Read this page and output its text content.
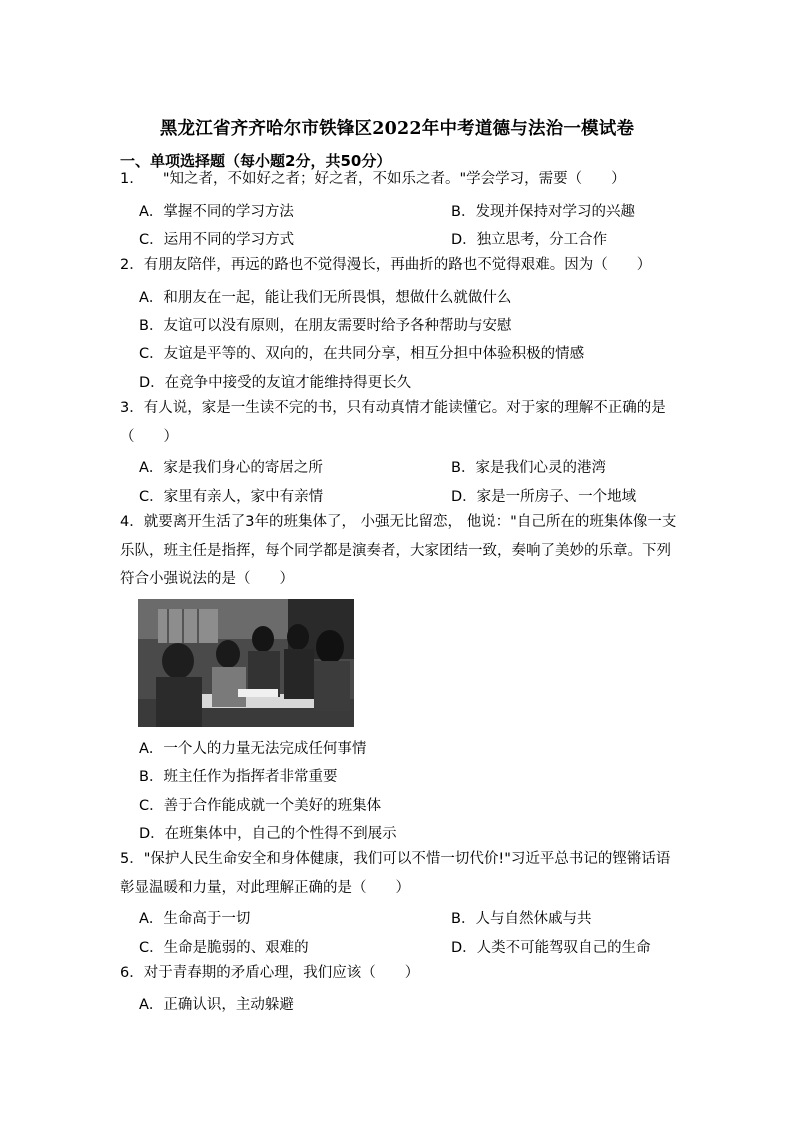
黑龙江省齐齐哈尔市铁锋区2022年中考道德与法治一模试卷
一、单项选择题（每小题2分，共50分）
1.　　"知之者，不如好之者；好之者，不如乐之者。"学会学习，需要（　　）
A．掌握不同的学习方法	B．发现并保持对学习的兴趣
C．运用不同的学习方式	D．独立思考，分工合作
2．有朋友陪伴，再远的路也不觉得漫长，再曲折的路也不觉得艰难。因为（　　）
A．和朋友在一起，能让我们无所畏惧，想做什么就做什么
B．友谊可以没有原则，在朋友需要时给予各种帮助与安慰
C．友谊是平等的、双向的，在共同分享，相互分担中体验积极的情感
D．在竞争中接受的友谊才能维持得更长久
3．有人说，家是一生读不完的书，只有动真情才能读懂它。对于家的理解不正确的是（　　）
A．家是我们身心的寄居之所	B．家是我们心灵的港湾
C．家里有亲人，家中有亲情	D．家是一所房子、一个地域
4．就要离开生活了3年的班集体了， 小强无比留恋， 他说："自己所在的班集体像一支乐队，班主任是指挥，每个同学都是演奏者，大家团结一致，奏响了美妙的乐章。下列符合小强说法的是（　　）
A．一个人的力量无法完成任何事情
B．班主任作为指挥者非常重要
C．善于合作能成就一个美好的班集体
D．在班集体中，自己的个性得不到展示
5．"保护人民生命安全和身体健康，我们可以不惜一切代价!"习近平总书记的铿锵话语彰显温暖和力量，对此理解正确的是（　　）
A．生命高于一切	B．人与自然休戚与共
C．生命是脆弱的、艰难的	D．人类不可能驾驭自己的生命
6．对于青春期的矛盾心理，我们应该（　　）
A．正确认识，主动躲避
